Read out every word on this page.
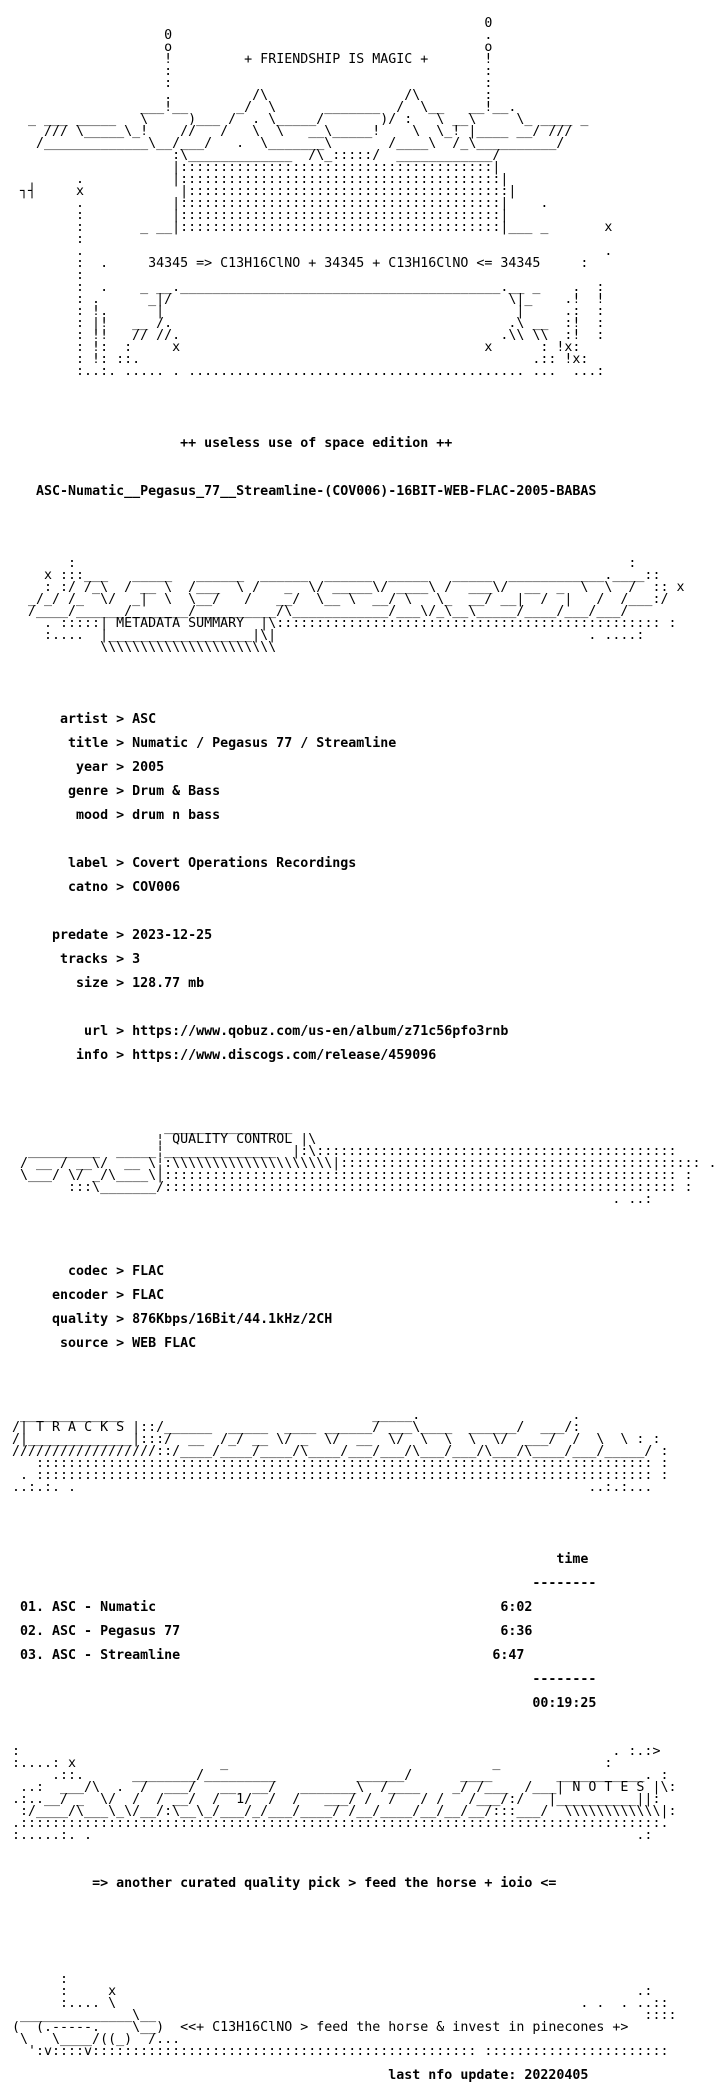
0
0                                       .
o                                       o
!	+ FRIENDSHIP IS MAGIC +	!
:                                       :
:                                       :
.          /\                 /\        :
___!__      _/  \      _______  /  \__   __!__.
_ ___ _____   \     )___ /  . \_____/       )/ :   \ __\     \_ ____ _
/// \_____\_!    //   /   \  \   __\_____!    \  \_! |____ __/ ///
/_____________\__/___/   .  \_______\       /____\  /_\__________/
:\_____________  /\_:::::/  ____________/
|:::::::::::::::::::::::::::::::::::::::|
.           |::::::::::::::::::::::::::::::::::::::::|
┐┤     x            |::::::::::::::::::::::::::::::::::::::::|
.           |::::::::::::::::::::::::::::::::::::::::|    .
:           |::::::::::::::::::::::::::::::::::::::::|
:       _ __|::::::::::::::::::::::::::::::::::::::::|___ _       x
:
.                                                                 .
:  .	34345 => C13H16ClNO + 34345 + C13H16ClNO <= 34345	:
:
:  .    _ __.________________________________________.__ _    .  :
: .      _|/                                          \|_    .!  !
: !.      |                                            |     .:  :
: |!   __ /.                                          .\ __  :!  :
: !!   // //.                                        .\\ \\  :!  :
: !:  :     x                                      x      : !x:
: !: ::.                                                 .:: !x:
:..:. ..... . .......................................... ...  ...:

++ useless use of space edition ++

ASC-Numatic__Pegasus_77__Streamline-(COV006)-16BIT-WEB-FLAC-2005-BABAS

:                                                                     :
x :::___   _____   ______  ______  ______  _____   _____  ____________.____::
: :/ /_\  / __ \  /___  \ /   _  \/ _____\/ ____\ /  ___\/  __  _  \  \  /  :: x
_/_/ /_  \/  _|  \  \__/   /   __/  \__ \  __/ \   \_  __/ __|  /  |   /  /___:/
/____/______/_______/__________/\____________/___\/_\__\_____/____/___/___/
. :::::| METADATA SUMMARY  |\:::::::::::::::::::::::::::::::::::::::::::::::: :
:....  |__________________|\|                                       . ....:
\\\\\\\\\\\\\\\\\\\\\\

artist > ASC

title > Numatic / Pegasus 77 / Streamline

year > 2005

genre > Drum & Bass

mood > drum n bass

label > Covert Operations Recordings

catno > COV006

predate > 2023-12-25

tracks > 3

size > 128.77 mb

url > https://www.qobuz.com/us-en/album/z71c56pfo3rnb

info > https://www.discogs.com/release/459096

________________
¦ QUALITY CONTROL |\
_________  _____¦______________  |:\:::::::::::::::::::::::::::::::::::::::::::::
/ __ / __\/  __ \¦:\\\\\\\\\\\\\\\\\\\\|::::::::::::::::::::::::::::::::::::::::::::: .
\___/ \/ _/\____\|:::::::::::::::::::::::::::::::::::::::::::::::::::::::::::::::: :
:::\_______/:::::::::::::::::::::::::::::::::::::::::::::::::::::::::::::::: :
. ..:

codec > FLAC

encoder > FLAC

quality > 876Kbps/16Bit/44.1kHz/2CH

source > WEB FLAC

_____________                               _____.                   .
/| T R A C K S |::/______  _____  ____ ______/ ___\____  ______/  ___/:
/|_____________|:::/  __  /_/ __ \/ _  \/  __  \/  \  \  \  \/  ___/  /  \  \ : :
//////////////////::/____/____/____/\____/___/___/\___/___/\___/\____/___/_____/ :
::::::::::::::::::::::::::::::::::::::::::::::::::::::::::::::::::::::::::::: :
. ::::::::::::::::::::::::::::::::::::::::::::::::::::::::::::::::::::::::::::: :
..:.:. .                                                                ..:.:...

time

--------

01. ASC - Numatic	6:02

02. ASC - Pegasus 77	6:36

03. ASC - Streamline	6:47

--------

00:19:25

:                                                                          . :.:>
:....: x                  _                                 _             :
.::.      ________/_________          ______/      ____        ___________. :
..:  ___/\  .  /  ___/   __  __/   _______\  /____    _/ /___  /___| N O T E S |\:
.:..__/ _  \/  /  / __/  /  1/  /  /   ___/ /  /   / /   /___/:/   |__________||:
:/____/\___\_\/__/:\__\_/___/_/___/____/ /__/____/__/__/__/:::___/  \\\\\\\\\\\\|:
.::::::::::::::::::::::::::::::::::::::::::::::::::::::::::::::::::::::::::::::::.
:.....:. .                                                                    .:

=> another curated quality pick > feed the horse + ioio <=

:
:     x                                                                 .:
:.... \                                                          . .  . ..::
______________\__                                                             ::::
(  (.-----.    \__)  <<+ C13H16ClNO > feed the horse & invest in pinecones +>
\   \____/((_)  /...
':v::::v:::::::::::::::::::::::::::::::::::::::::::::::: :::::::::::::::::::::::

last nfo update: 20220405
